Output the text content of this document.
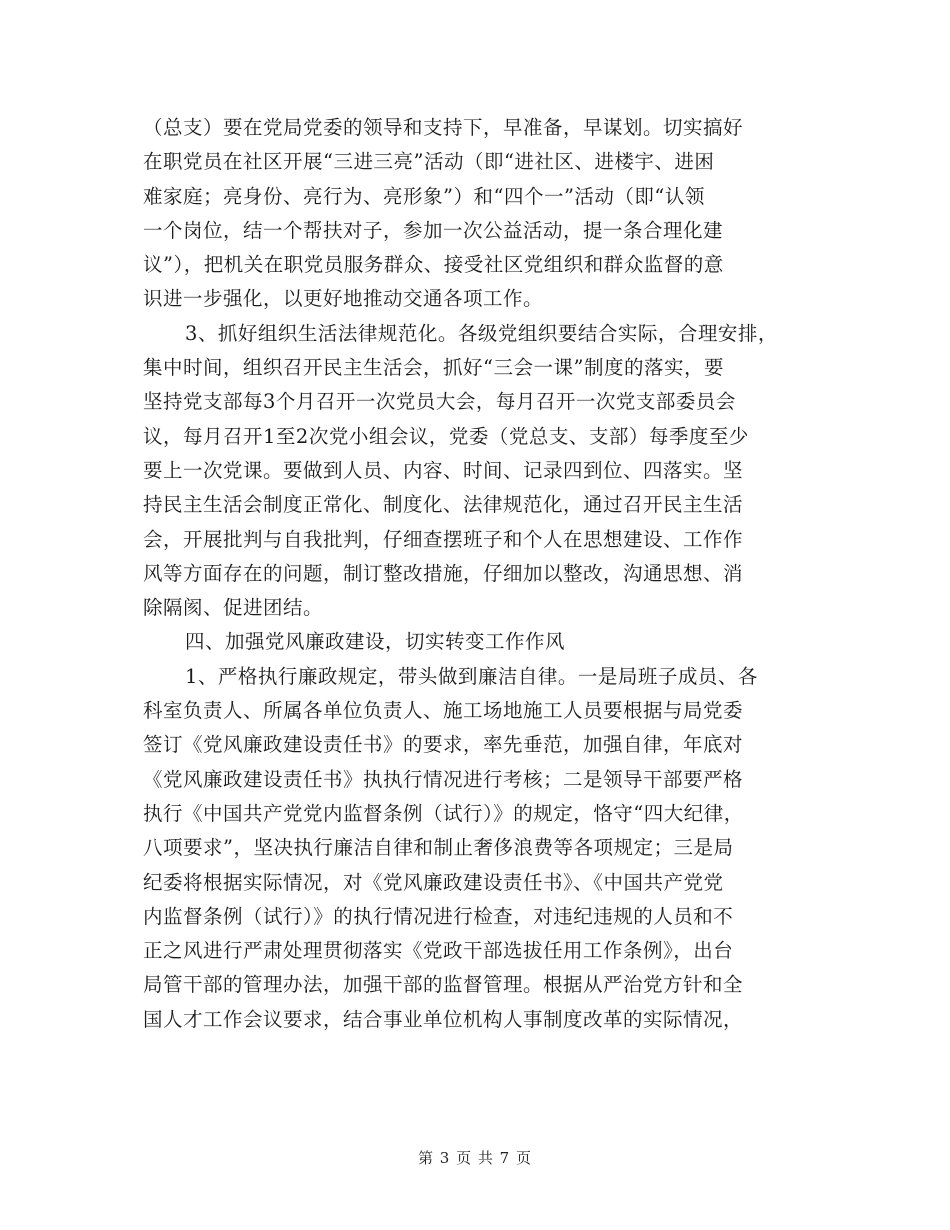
（总支）要在党局党委的领导和支持下，早准备，早谋划。切实搞好
在职党员在社区开展“三进三亮”活动（即“进社区、进楼宇、进困
难家庭；亮身份、亮行为、亮形象”）和“四个一”活动（即“认领
一个岗位，结一个帮扶对子，参加一次公益活动，提一条合理化建
议”），把机关在职党员服务群众、接受社区党组织和群众监督的意
识进一步强化，以更好地推动交通各项工作。
3、抓好组织生活法律规范化。各级党组织要结合实际，合理安排，
集中时间，组织召开民主生活会，抓好“三会一课”制度的落实，要
坚持党支部每3个月召开一次党员大会，每月召开一次党支部委员会
议，每月召开1至2次党小组会议，党委（党总支、支部）每季度至少
要上一次党课。要做到人员、内容、时间、记录四到位、四落实。坚
持民主生活会制度正常化、制度化、法律规范化，通过召开民主生活
会，开展批判与自我批判，仔细查摆班子和个人在思想建设、工作作
风等方面存在的问题，制订整改措施，仔细加以整改，沟通思想、消
除隔阂、促进团结。
四、加强党风廉政建设，切实转变工作作风
1、严格执行廉政规定，带头做到廉洁自律。一是局班子成员、各
科室负责人、所属各单位负责人、施工场地施工人员要根据与局党委
签订《党风廉政建设责任书》的要求，率先垂范，加强自律，年底对
《党风廉政建设责任书》执执行情况进行考核；二是领导干部要严格
执行《中国共产党党内监督条例（试行）》的规定，恪守“四大纪律，
八项要求”，坚决执行廉洁自律和制止奢侈浪费等各项规定；三是局
纪委将根据实际情况，对《党风廉政建设责任书》、《中国共产党党
内监督条例（试行）》的执行情况进行检查，对违纪违规的人员和不
正之风进行严肃处理贯彻落实《党政干部选拔任用工作条例》，出台
局管干部的管理办法，加强干部的监督管理。根据从严治党方针和全
国人才工作会议要求，结合事业单位机构人事制度改革的实际情况，
第 3 页 共 7 页
